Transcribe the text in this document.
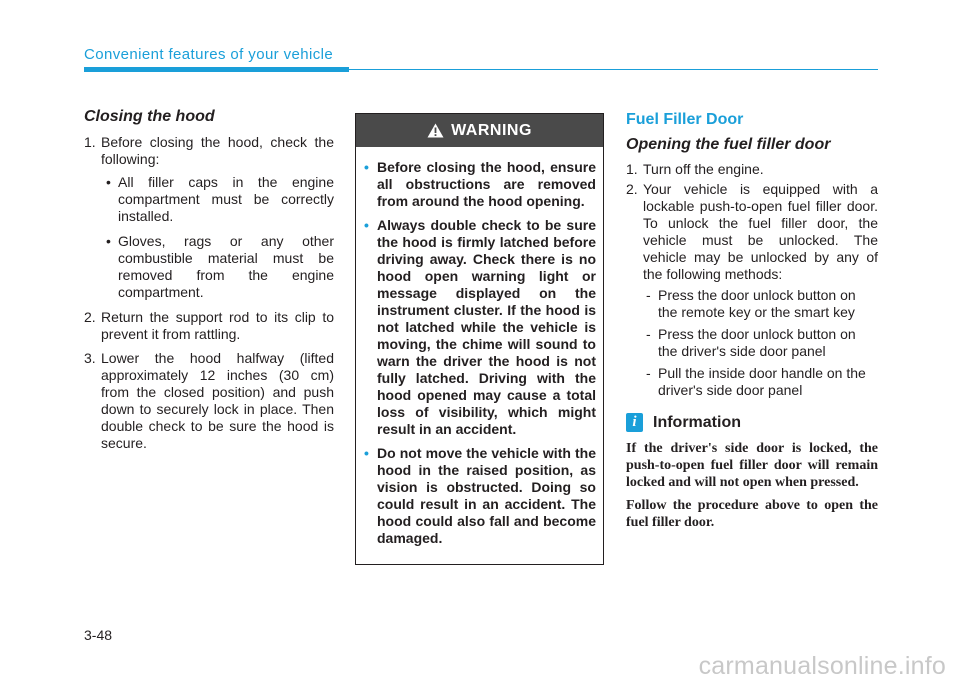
Convenient features of your vehicle
Closing the hood
1. Before closing the hood, check the following:
• All filler caps in the engine compartment must be correctly installed.
• Gloves, rags or any other combustible material must be removed from the engine compartment.
2. Return the support rod to its clip to prevent it from rattling.
3. Lower the hood halfway (lifted approximately 12 inches (30 cm) from the closed position) and push down to securely lock in place. Then double check to be sure the hood is secure.
WARNING
• Before closing the hood, ensure all obstructions are removed from around the hood opening.
• Always double check to be sure the hood is firmly latched before driving away. Check there is no hood open warning light or message displayed on the instrument cluster. If the hood is not latched while the vehicle is moving, the chime will sound to warn the driver the hood is not fully latched. Driving with the hood opened may cause a total loss of visibility, which might result in an accident.
• Do not move the vehicle with the hood in the raised position, as vision is obstructed. Doing so could result in an accident. The hood could also fall and become damaged.
Fuel Filler Door
Opening the fuel filler door
1. Turn off the engine.
2. Your vehicle is equipped with a lockable push-to-open fuel filler door. To unlock the fuel filler door, the vehicle must be unlocked. The vehicle may be unlocked by any of the following methods:
- Press the door unlock button on the remote key or the smart key
- Press the door unlock button on the driver's side door panel
- Pull the inside door handle on the driver's side door panel
i	Information

If the driver's side door is locked, the push-to-open fuel filler door will remain locked and will not open when pressed.

Follow the procedure above to open the fuel filler door.

3-48
carmanualsonline.info
